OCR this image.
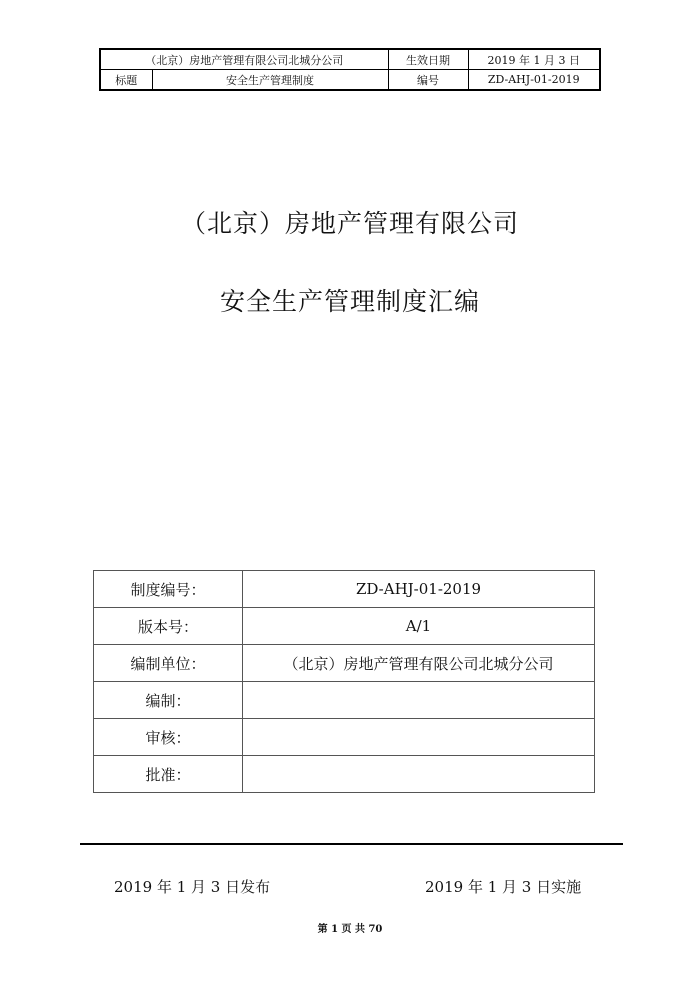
（北京）房地产管理有限公司北城分公司		生效日期	2019 年 1 月 3 日
标题	安全生产管理制度	编号	ZD-AHJ-01-2019
（北京）房地产管理有限公司
安全生产管理制度汇编
制度编号：	ZD-AHJ-01-2019
版本号：	A/1
编制单位：	（北京）房地产管理有限公司北城分公司
编制：	
审核：	
批准：	
2019 年 1 月 3 日发布	2019 年 1 月 3 日实施
第 1 页 共 70
